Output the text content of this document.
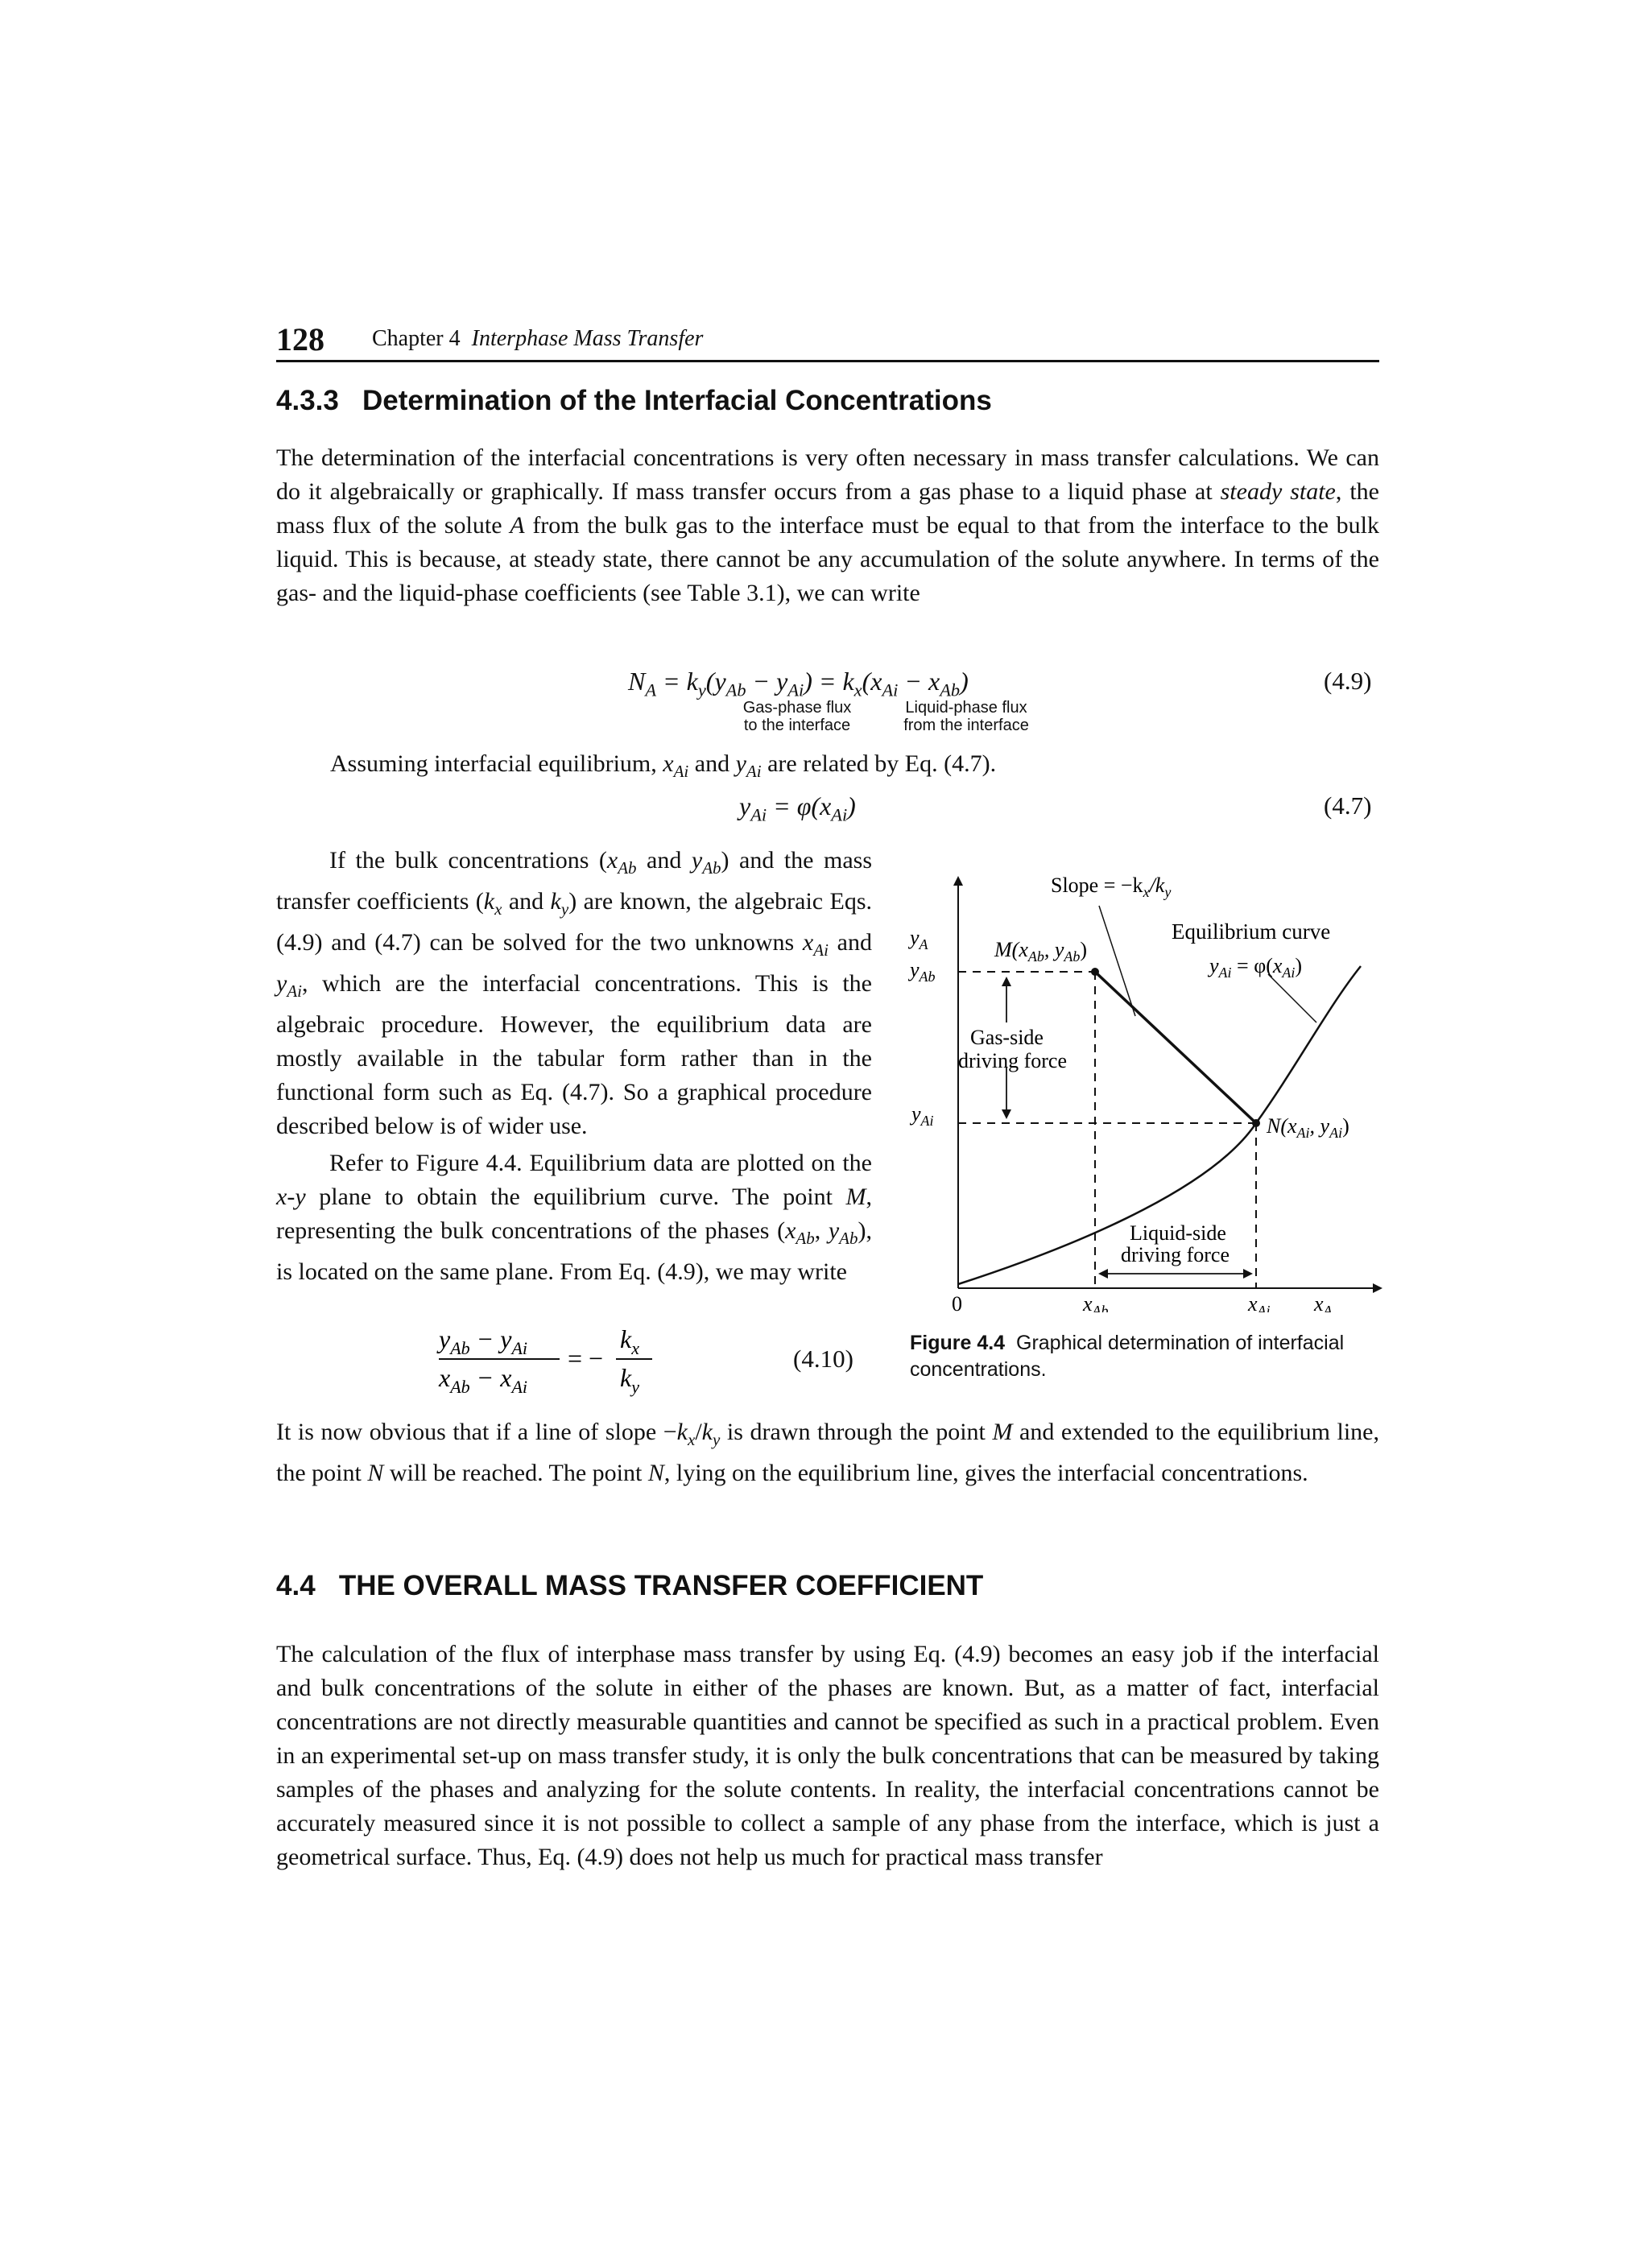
128 Chapter 4 Interphase Mass Transfer
4.3.3   Determination of the Interfacial Concentrations
The determination of the interfacial concentrations is very often necessary in mass transfer calculations. We can do it algebraically or graphically. If mass transfer occurs from a gas phase to a liquid phase at steady state, the mass flux of the solute A from the bulk gas to the interface must be equal to that from the interface to the bulk liquid. This is because, at steady state, there cannot be any accumulation of the solute anywhere. In terms of the gas- and the liquid-phase coefficients (see Table 3.1), we can write
$N_A = k_y(y_{Ab} - y_{Ai}) = k_x(x_{Ai} - x_{Ab})$	(4.9)
Gas-phase flux
to the interface
Liquid-phase flux
from the interface
Assuming interfacial equilibrium, $x_{Ai}$ and $y_{Ai}$ are related by Eq. (4.7).
$y_{Ai} = \varphi(x_{Ai})$	(4.7)
If the bulk concentrations ($x_{Ab}$ and $y_{Ab}$) and the mass transfer coefficients ($k_x$ and $k_y$) are known, the algebraic Eqs. (4.9) and (4.7) can be solved for the two unknowns $x_{Ai}$ and $y_{Ai}$, which are the interfacial concentrations. This is the algebraic procedure. However, the equilibrium data are mostly available in the tabular form rather than in the functional form such as Eq. (4.7). So a graphical procedure described below is of wider use.
Refer to Figure 4.4. Equilibrium data are plotted on the x-y plane to obtain the equilibrium curve. The point M, representing the bulk concentrations of the phases ($x_{Ab}$, $y_{Ab}$), is located on the same plane. From Eq. (4.9), we may write
$y_{Ab} - y_{Ai}$
$x_{Ab} - x_{Ai}$
= −
$k_x$
$k_y$
(4.10)
Slope = $-k_x/k_y$
Equilibrium curve
$y_{Ai} = \varphi(x_{Ai})$
$M(x_{Ab}$, $y_{Ab}$)
$N(x_{Ai}$, $y_{Ai}$)
Gas-side
driving force
Liquid-side
driving force
$y_A$
$y_{Ab}$
$y_{Ai}$
0	$x_{Ab}$	$x_{Ai}$ $x_A$
Figure 4.4 Graphical determination of interfacial concentrations.
It is now obvious that if a line of slope $-k_x/k_y$ is drawn through the point M and extended to the equilibrium line, the point N will be reached. The point N, lying on the equilibrium line, gives the interfacial concentrations.
4.4   THE OVERALL MASS TRANSFER COEFFICIENT
The calculation of the flux of interphase mass transfer by using Eq. (4.9) becomes an easy job if the interfacial and bulk concentrations of the solute in either of the phases are known. But, as a matter of fact, interfacial concentrations are not directly measurable quantities and cannot be specified as such in a practical problem. Even in an experimental set-up on mass transfer study, it is only the bulk concentrations that can be measured by taking samples of the phases and analyzing for the solute contents. In reality, the interfacial concentrations cannot be accurately measured since it is not possible to collect a sample of any phase from the interface, which is just a geometrical surface. Thus, Eq. (4.9) does not help us much for practical mass transfer
